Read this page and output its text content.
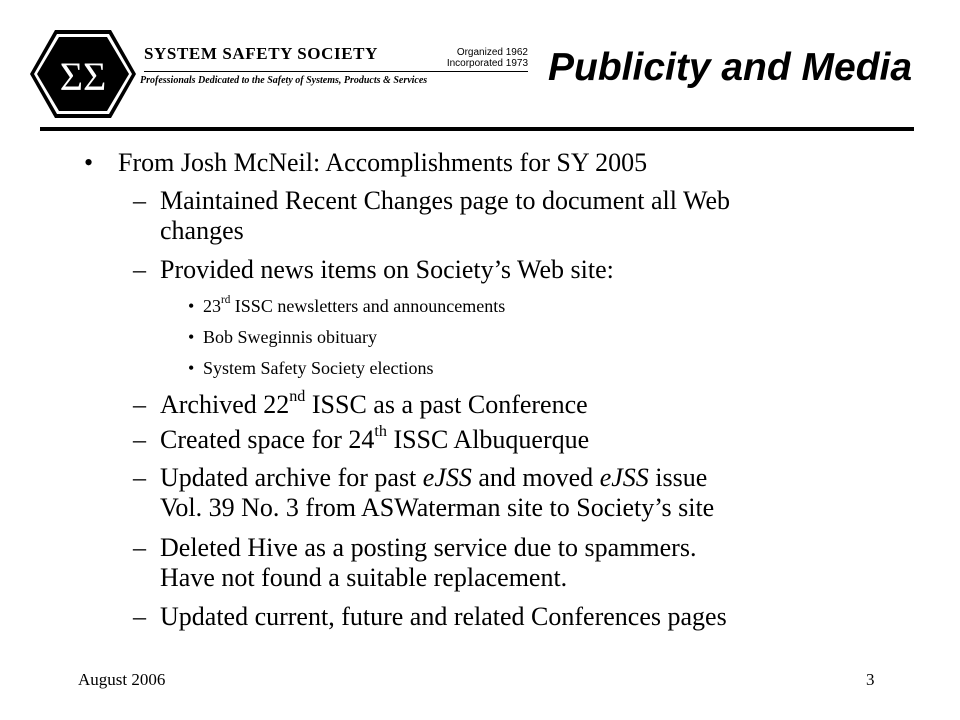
ΣΣ
SYSTEM SAFETY SOCIETY	Organized 1962
Incorporated 1973
Professionals Dedicated to the Safety of Systems, Products & Services	Publicity and Media
• From Josh McNeil: Accomplishments for SY 2005
– Maintained Recent Changes page to document all Web
changes
– Provided news items on Society’s Web site:
• 23rd ISSC newsletters and announcements
• Bob Sweginnis obituary
• System Safety Society elections
– Archived 22nd ISSC as a past Conference
– Created space for 24th ISSC Albuquerque
– Updated archive for past eJSS and moved eJSS issue
Vol. 39 No. 3 from ASWaterman site to Society’s site
– Deleted Hive as a posting service due to spammers.
Have not found a suitable replacement.
– Updated current, future and related Conferences pages
August 2006	3
